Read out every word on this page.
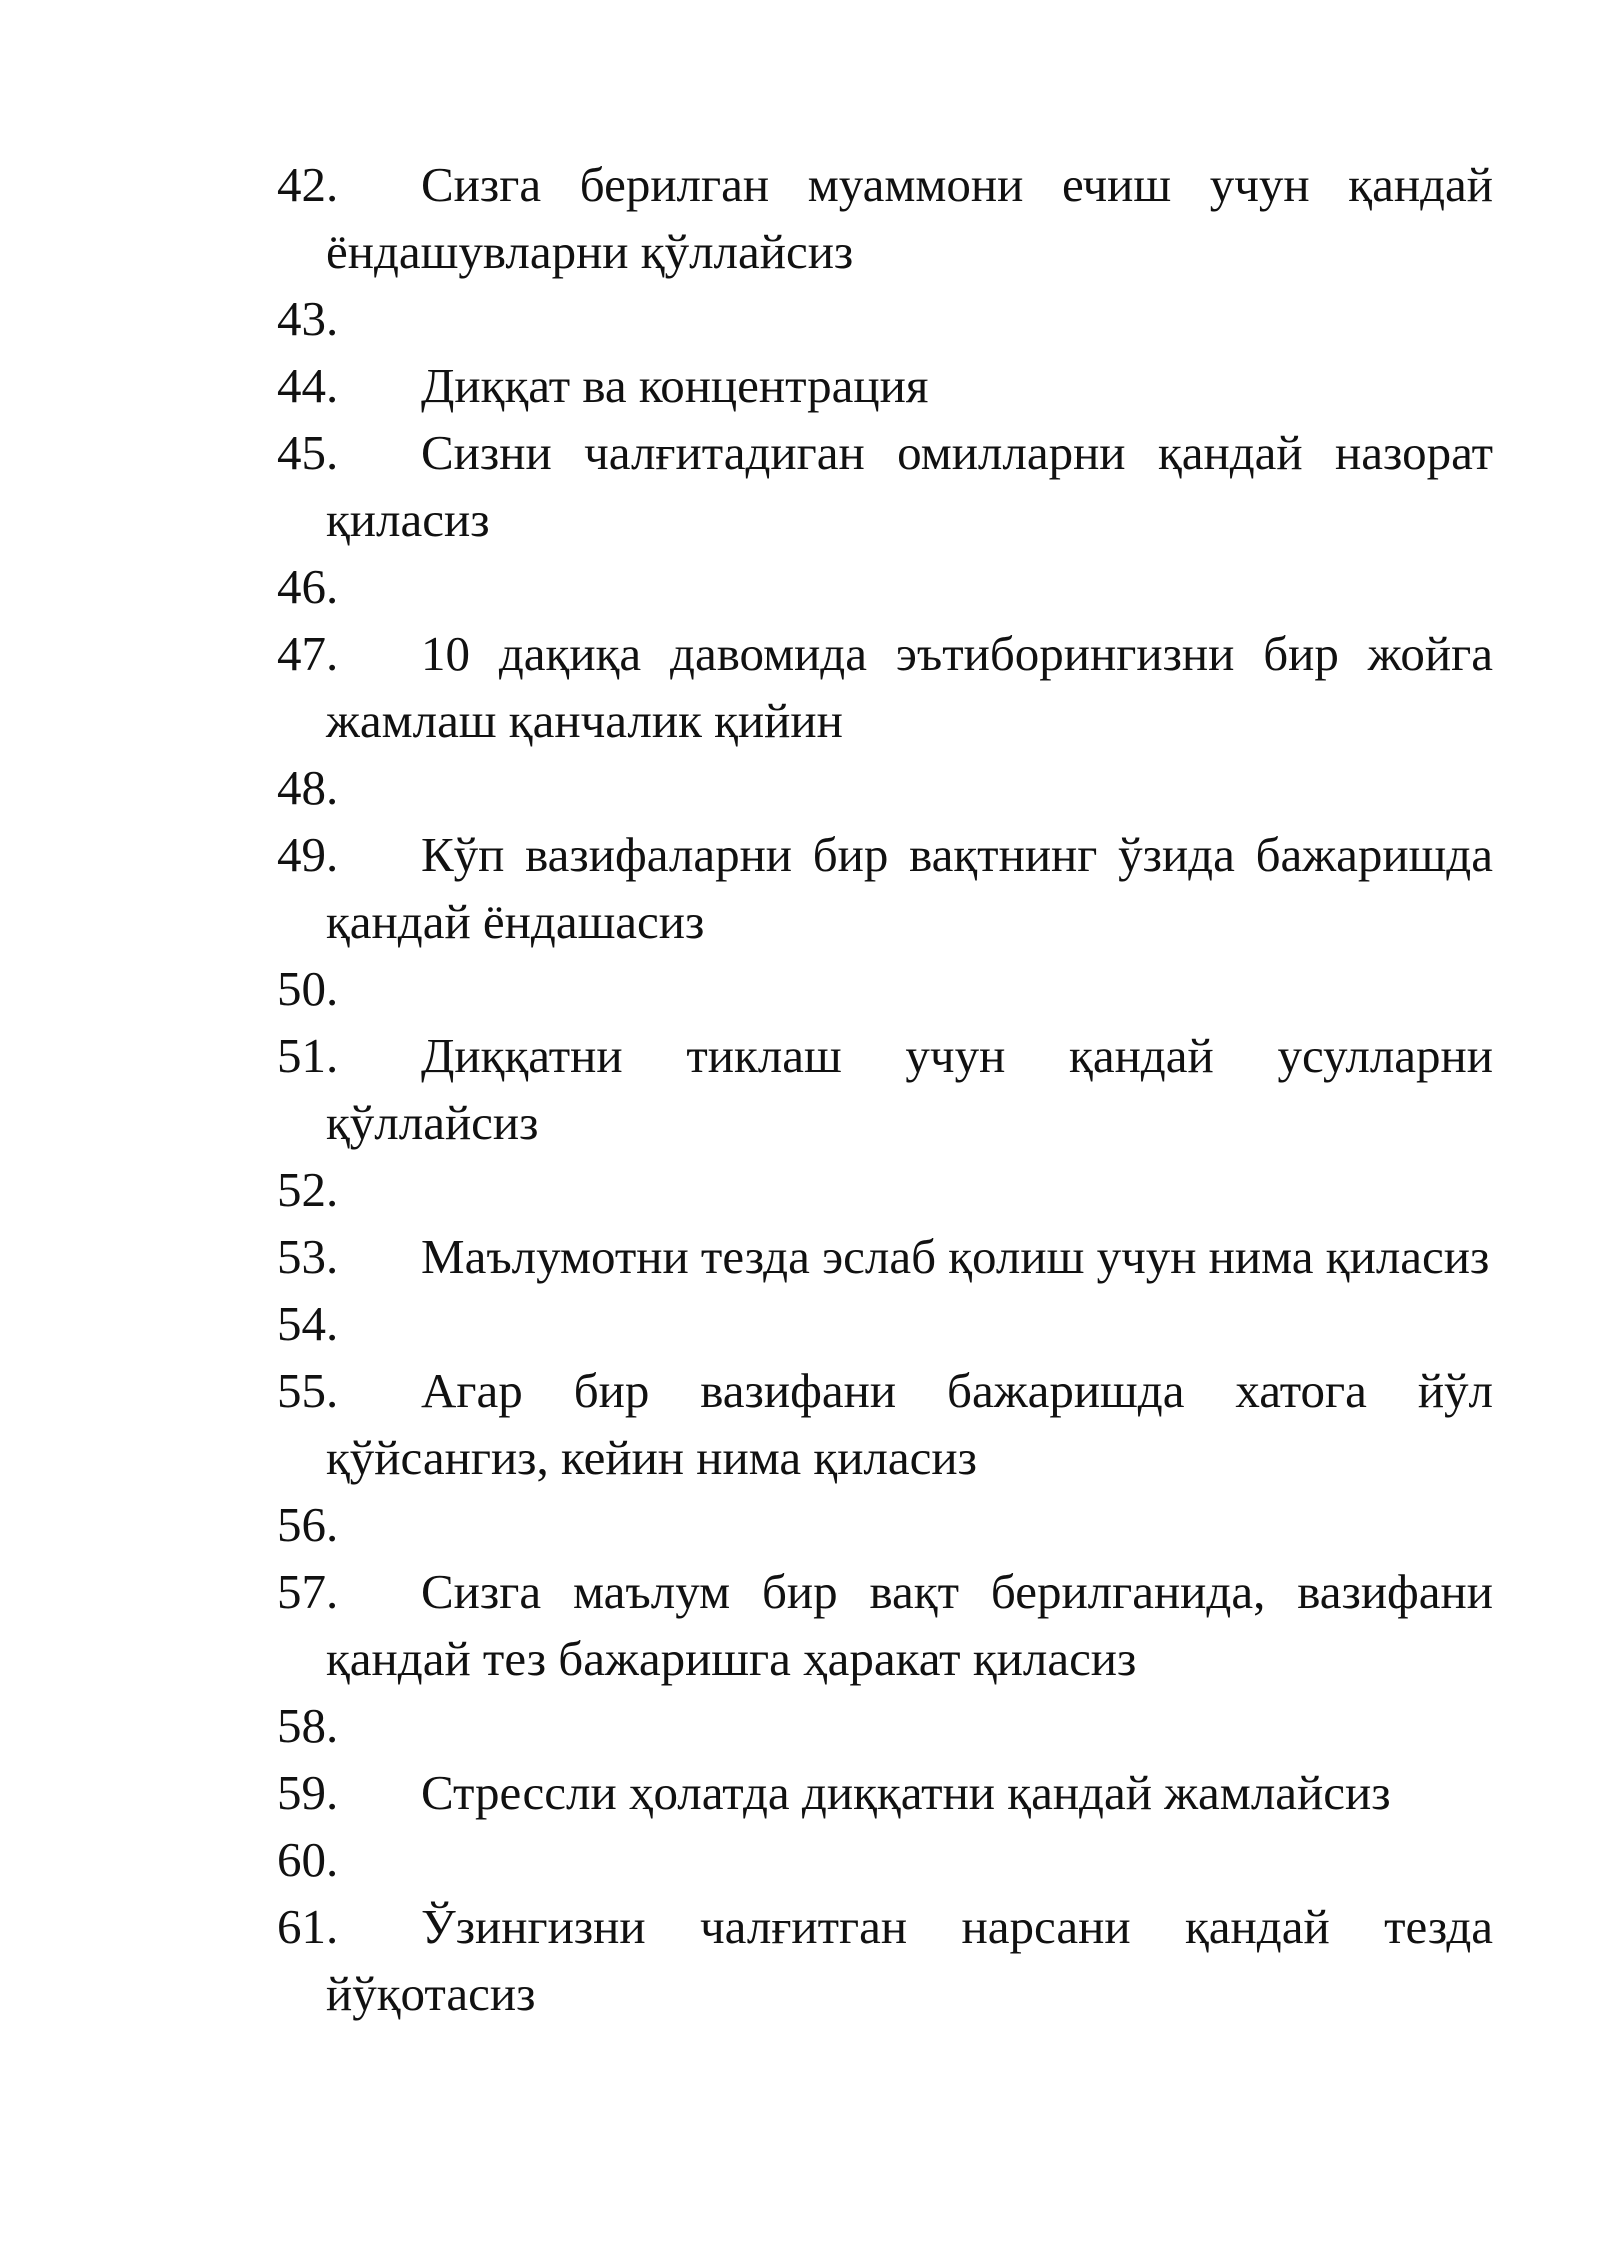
42. Сизга берилган муаммони ечиш учун қандай ёндашувларни қўллайсиз
43.
44. Диққат ва концентрация
45. Сизни чалғитадиган омилларни қандай назорат қиласиз
46.
47. 10 дақиқа давомида эътиборингизни бир жойга жамлаш қанчалик қийин
48.
49. Кўп вазифаларни бир вақтнинг ўзида бажаришда қандай ёндашасиз
50.
51. Диққатни тиклаш учун қандай усулларни қўллайсиз
52.
53. Маълумотни тезда эслаб қолиш учун нима қиласиз
54.
55. Агар бир вазифани бажаришда хатога йўл қўйсангиз, кейин нима қиласиз
56.
57. Сизга маълум бир вақт берилганида, вазифани қандай тез бажаришга ҳаракат қиласиз
58.
59. Стрессли ҳолатда диққатни қандай жамлайсиз
60.
61. Ўзингизни чалғитган нарсани қандай тезда йўқотасиз
